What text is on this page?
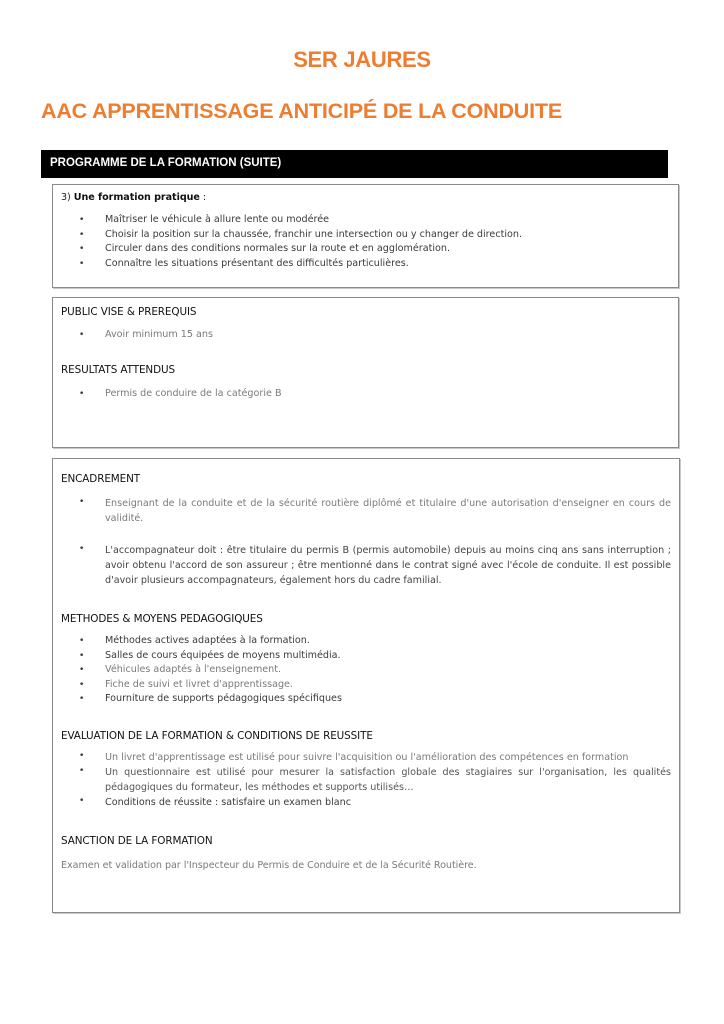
SER JAURES
AAC APPRENTISSAGE ANTICIPÉ DE LA CONDUITE
PROGRAMME DE LA FORMATION (SUITE)
3) Une formation pratique :
• Maîtriser le véhicule à allure lente ou modérée
• Choisir la position sur la chaussée, franchir une intersection ou y changer de direction.
• Circuler dans des conditions normales sur la route et en agglomération.
• Connaître les situations présentant des difficultés particulières.
PUBLIC VISE & PREREQUIS
• Avoir minimum 15 ans
RESULTATS ATTENDUS
• Permis de conduire de la catégorie B
ENCADREMENT
• Enseignant de la conduite et de la sécurité routière diplômé et titulaire d'une autorisation d'enseigner en cours de validité.
• L'accompagnateur doit : être titulaire du permis B (permis automobile) depuis au moins cinq ans sans interruption ; avoir obtenu l'accord de son assureur ; être mentionné dans le contrat signé avec l'école de conduite. Il est possible d'avoir plusieurs accompagnateurs, également hors du cadre familial.
METHODES & MOYENS PEDAGOGIQUES
• Méthodes actives adaptées à la formation.
• Salles de cours équipées de moyens multimédia.
• Véhicules adaptés à l'enseignement.
• Fiche de suivi et livret d'apprentissage.
• Fourniture de supports pédagogiques spécifiques
EVALUATION DE LA FORMATION & CONDITIONS DE REUSSITE
• Un livret d'apprentissage est utilisé pour suivre l'acquisition ou l'amélioration des compétences en formation
• Un questionnaire est utilisé pour mesurer la satisfaction globale des stagiaires sur l'organisation, les qualités pédagogiques du formateur, les méthodes et supports utilisés…
• Conditions de réussite : satisfaire un examen blanc
SANCTION DE LA FORMATION
Examen et validation par l'Inspecteur du Permis de Conduire et de la Sécurité Routière.
